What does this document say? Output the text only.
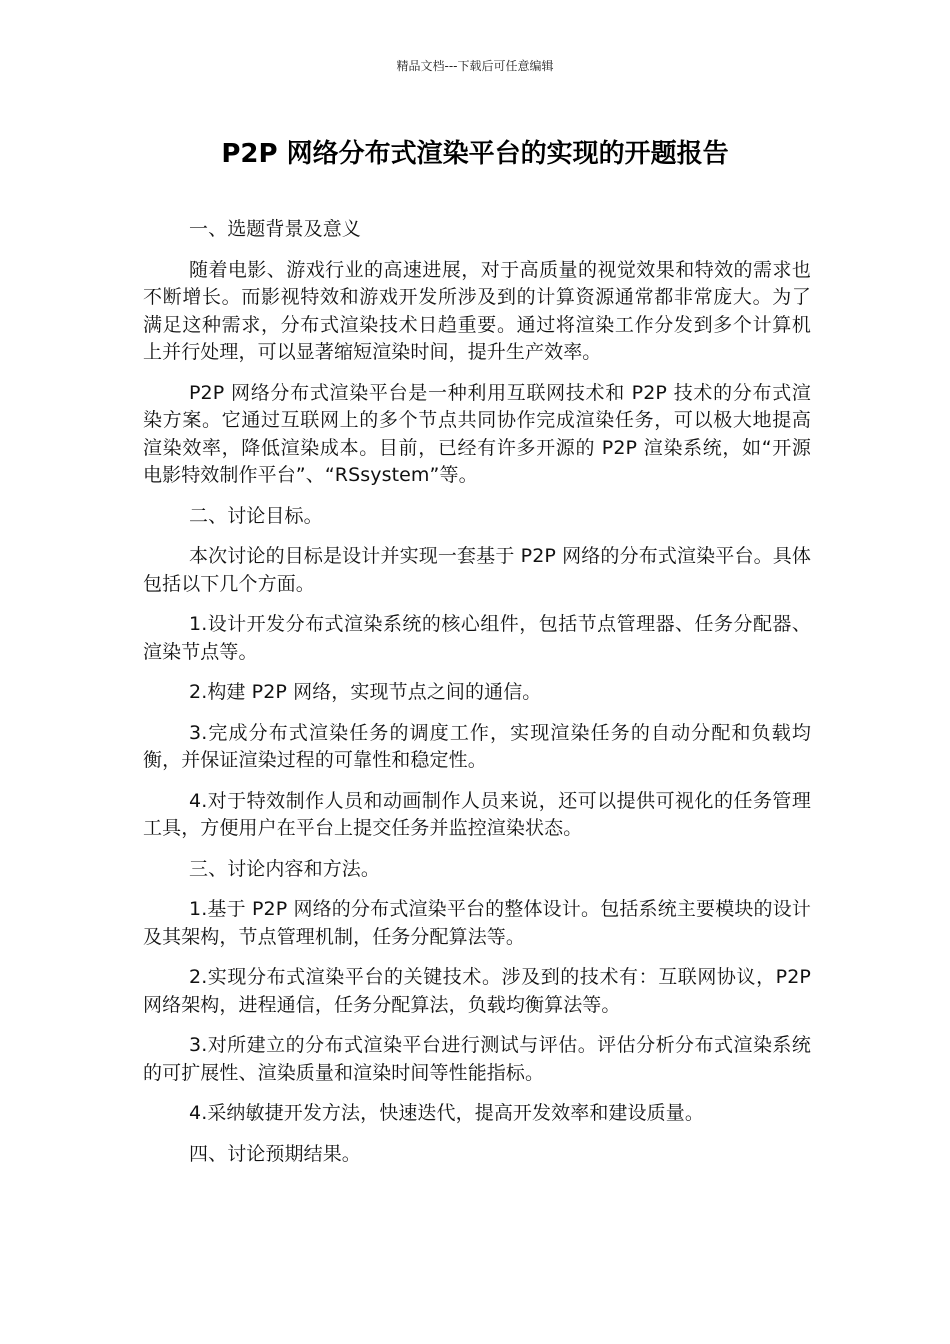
精品文档---下载后可任意编辑
P2P 网络分布式渲染平台的实现的开题报告

一、选题背景及意义

随着电影、游戏行业的高速进展，对于高质量的视觉效果和特效的需求也不断增长。而影视特效和游戏开发所涉及到的计算资源通常都非常庞大。为了满足这种需求，分布式渲染技术日趋重要。通过将渲染工作分发到多个计算机上并行处理，可以显著缩短渲染时间，提升生产效率。

P2P 网络分布式渲染平台是一种利用互联网技术和 P2P 技术的分布式渲染方案。它通过互联网上的多个节点共同协作完成渲染任务，可以极大地提高渲染效率，降低渲染成本。目前，已经有许多开源的 P2P 渲染系统，如“开源电影特效制作平台”、“RSsystem”等。

二、讨论目标。

本次讨论的目标是设计并实现一套基于 P2P 网络的分布式渲染平台。具体包括以下几个方面。

1.设计开发分布式渲染系统的核心组件，包括节点管理器、任务分配器、渲染节点等。

2.构建 P2P 网络，实现节点之间的通信。

3.完成分布式渲染任务的调度工作，实现渲染任务的自动分配和负载均衡，并保证渲染过程的可靠性和稳定性。

4.对于特效制作人员和动画制作人员来说，还可以提供可视化的任务管理工具，方便用户在平台上提交任务并监控渲染状态。

三、讨论内容和方法。

1.基于 P2P 网络的分布式渲染平台的整体设计。包括系统主要模块的设计及其架构，节点管理机制，任务分配算法等。

2.实现分布式渲染平台的关键技术。涉及到的技术有：互联网协议，P2P 网络架构，进程通信，任务分配算法，负载均衡算法等。

3.对所建立的分布式渲染平台进行测试与评估。评估分析分布式渲染系统的可扩展性、渲染质量和渲染时间等性能指标。

4.采纳敏捷开发方法，快速迭代，提高开发效率和建设质量。

四、讨论预期结果。
